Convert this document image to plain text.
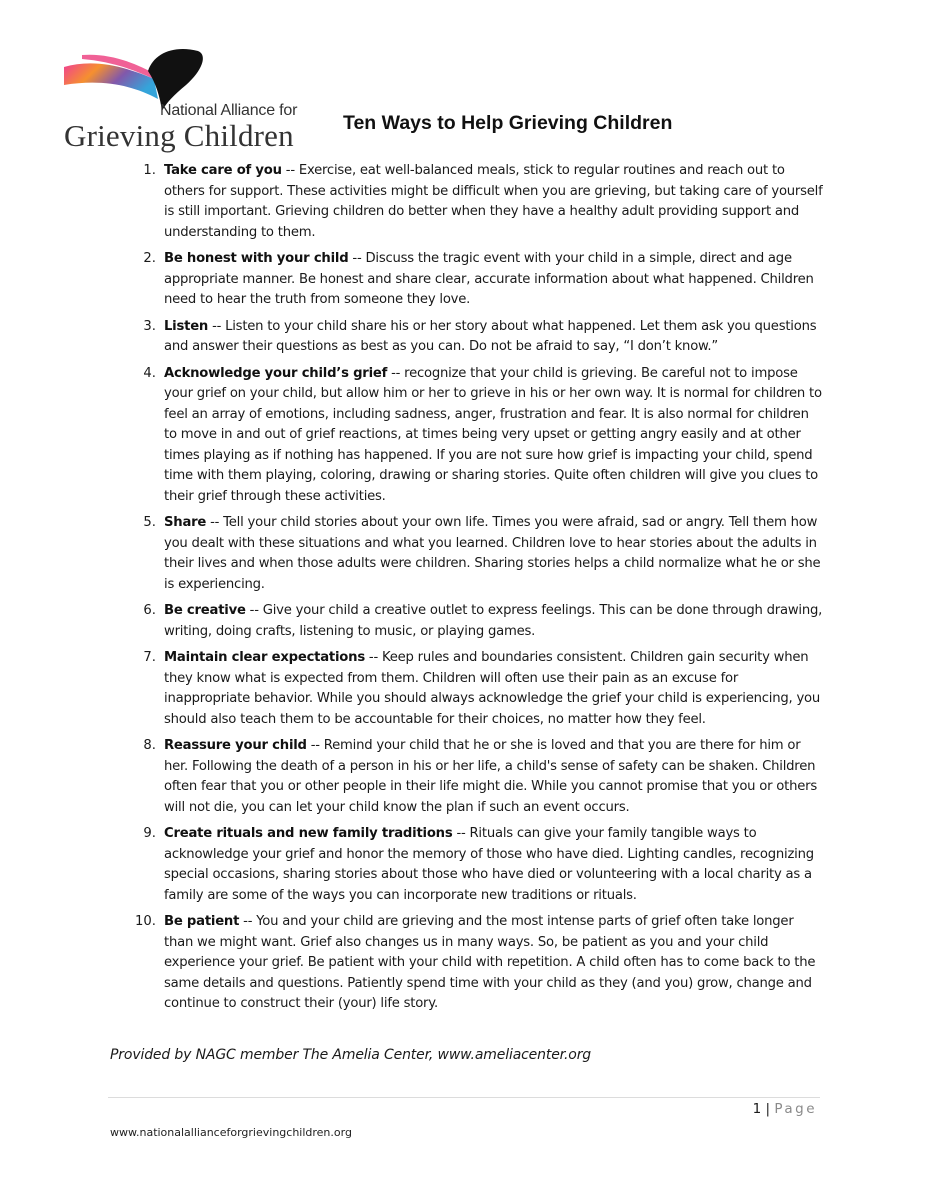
National Alliance for
Grieving Children	Ten Ways to Help Grieving Children
1. Take care of you -- Exercise, eat well-balanced meals, stick to regular routines and reach out to others for support. These activities might be difficult when you are grieving, but taking care of yourself is still important. Grieving children do better when they have a healthy adult providing support and understanding to them.
2. Be honest with your child -- Discuss the tragic event with your child in a simple, direct and age appropriate manner. Be honest and share clear, accurate information about what happened. Children need to hear the truth from someone they love.
3. Listen -- Listen to your child share his or her story about what happened. Let them ask you questions and answer their questions as best as you can. Do not be afraid to say, “I don’t know.”
4. Acknowledge your child’s grief -- recognize that your child is grieving. Be careful not to impose your grief on your child, but allow him or her to grieve in his or her own way. It is normal for children to feel an array of emotions, including sadness, anger, frustration and fear. It is also normal for children to move in and out of grief reactions, at times being very upset or getting angry easily and at other times playing as if nothing has happened. If you are not sure how grief is impacting your child, spend time with them playing, coloring, drawing or sharing stories. Quite often children will give you clues to their grief through these activities.
5. Share -- Tell your child stories about your own life. Times you were afraid, sad or angry. Tell them how you dealt with these situations and what you learned. Children love to hear stories about the adults in their lives and when those adults were children. Sharing stories helps a child normalize what he or she is experiencing.
6. Be creative -- Give your child a creative outlet to express feelings. This can be done through drawing, writing, doing crafts, listening to music, or playing games.
7. Maintain clear expectations -- Keep rules and boundaries consistent. Children gain security when they know what is expected from them. Children will often use their pain as an excuse for inappropriate behavior. While you should always acknowledge the grief your child is experiencing, you should also teach them to be accountable for their choices, no matter how they feel.
8. Reassure your child -- Remind your child that he or she is loved and that you are there for him or her. Following the death of a person in his or her life, a child's sense of safety can be shaken. Children often fear that you or other people in their life might die. While you cannot promise that you or others will not die, you can let your child know the plan if such an event occurs.
9. Create rituals and new family traditions -- Rituals can give your family tangible ways to acknowledge your grief and honor the memory of those who have died. Lighting candles, recognizing special occasions, sharing stories about those who have died or volunteering with a local charity as a family are some of the ways you can incorporate new traditions or rituals.
10. Be patient -- You and your child are grieving and the most intense parts of grief often take longer than we might want. Grief also changes us in many ways. So, be patient as you and your child experience your grief. Be patient with your child with repetition. A child often has to come back to the same details and questions. Patiently spend time with your child as they (and you) grow, change and continue to construct their (your) life story.
Provided by NAGC member The Amelia Center, www.ameliacenter.org
1 | Page
www.nationalallianceforgrievingchildren.org
